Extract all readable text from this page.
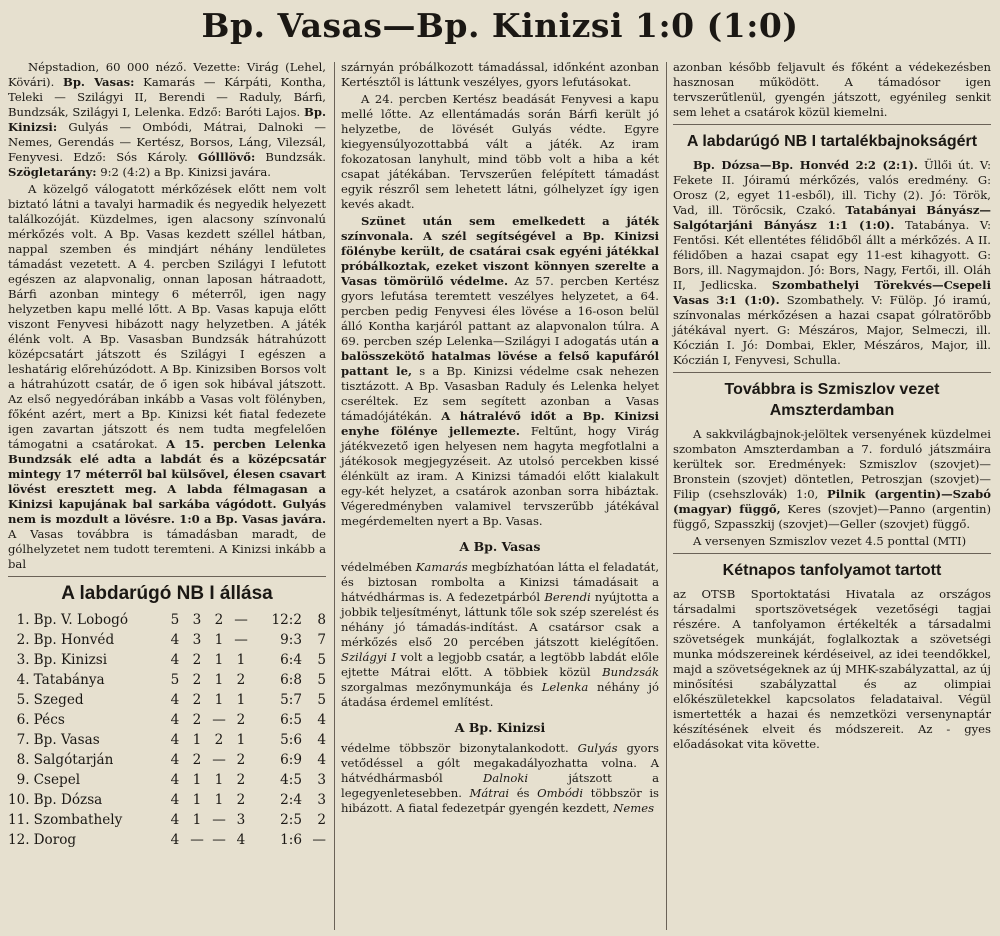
Bp. Vasas—Bp. Kinizsi 1:0 (1:0)

Népstadion, 60 000 néző. Vezette: Virág (Lehel, Kövári). Bp. Vasas: Kamarás — Kárpáti, Kontha, Teleki — Szilágyi II, Berendi — Raduly, Bárfi, Bundzsák, Szilágyi I, Lelenka. Edző: Baróti Lajos. Bp. Kinizsi: Gulyás — Ombódi, Mátrai, Dalnoki — Nemes, Gerendás — Kertész, Borsos, Láng, Vilezsál, Fenyvesi. Edző: Sós Károly. Gólllövő: Bundzsák. Szögletarány: 9:2 (4:2) a Bp. Kinizsi javára.

A közelgő válogatott mérkőzések előtt nem volt biztató látni a tavalyi harmadik és negyedik helyezett találkozóját. Küzdelmes, igen alacsony színvonalú mérkőzés volt. A Bp. Vasas kezdett széllel hátban, nappal szemben és mindjárt néhány lendületes támadást vezetett. A 4. percben Szilágyi I lefutott egészen az alapvonalig, onnan laposan hátraadott, Bárfi azonban mintegy 6 méterről, igen nagy helyzetben kapu mellé lőtt. A Bp. Vasas kapuja előtt viszont Fenyvesi hibázott nagy helyzetben. A játék élénk volt. A Bp. Vasasban Bundzsák hátrahúzott középcsatárt játszott és Szilágyi I egészen a leshatárig előrehúzódott. A Bp. Kinizsiben Borsos volt a hátrahúzott csatár, de ő igen sok hibával játszott. Az első negyedórában inkább a Vasas volt fölényben, főként azért, mert a Bp. Kinizsi két fiatal fedezete igen zavartan játszott és nem tudta megfelelően támogatni a csatárokat. A 15. percben Lelenka Bundzsák elé adta a labdát és a középcsatár mintegy 17 méterről bal külsővel, élesen csavart lövést eresztett meg. A labda félmagasan a Kinizsi kapujának bal sarkába vágódott. Gulyás nem is mozdult a lövésre. 1:0 a Bp. Vasas javára. A Vasas továbbra is támadásban maradt, de gólhelyzetet nem tudott teremteni. A Kinizsi inkább a bal

A labdarúgó NB I állása
1.	Bp. V. Lobogó	5	3	2	—	12:2	8
2.	Bp. Honvéd	4	3	1	—	9:3	7
3.	Bp. Kinizsi	4	2	1	1	6:4	5
4.	Tatabánya	5	2	1	2	6:8	5
5.	Szeged	4	2	1	1	5:7	5
6.	Pécs	4	2	—	2	6:5	4
7.	Bp. Vasas	4	1	2	1	5:6	4
8.	Salgótarján	4	2	—	2	6:9	4
9.	Csepel	4	1	1	2	4:5	3
10.	Bp. Dózsa	4	1	1	2	2:4	3
11.	Szombathely	4	1	—	3	2:5	2
12.	Dorog	4	—	—	4	1:6	—

szárnyán próbálkozott támadással, időnként azonban Kertésztől is láttunk veszélyes, gyors lefutásokat.

A 24. percben Kertész beadását Fenyvesi a kapu mellé lőtte. Az ellentámadás során Bárfi került jó helyzetbe, de lövését Gulyás védte. Egyre kiegyensúlyozottabbá vált a játék. Az iram fokozatosan lanyhult, mind több volt a hiba a két csapat játékában. Tervszerűen felépített támadást egyik részről sem lehetett látni, gólhelyzet így igen kevés akadt.

Szünet után sem emelkedett a játék színvonala. A szél segítségével a Bp. Kinizsi fölénybe került, de csatárai csak egyéni játékkal próbálkoztak, ezeket viszont könnyen szerelte a Vasas tömörülő védelme. Az 57. percben Kertész gyors lefutása teremtett veszélyes helyzetet, a 64. percben pedig Fenyvesi éles lövése a 16-oson belül álló Kontha karjáról pattant az alapvonalon túlra. A 69. percben szép Lelenka—Szilágyi I adogatás után a balösszekötő hatalmas lövése a felső kapufáról pattant le, s a Bp. Kinizsi védelme csak nehezen tisztázott. A Bp. Vasasban Raduly és Lelenka helyet cseréltek. Ez sem segített azonban a Vasas támadójátékán. A hátralévő időt a Bp. Kinizsi enyhe fölénye jellemezte. Feltűnt, hogy Virág játékvezető igen helyesen nem hagyta megfotlalni a játékosok megjegyzéseit. Az utolsó percekben kissé élénkült az iram. A Kinizsi támadói előtt kialakult egy-két helyzet, a csatárok azonban sorra hibáztak. Végeredményben valamivel tervszerűbb játékával megérdemelten nyert a Bp. Vasas.

A Bp. Vasas

védelmében Kamarás megbízhatóan látta el feladatát, és biztosan rombolta a Kinizsi támadásait a hátvédhármas is. A fedezetpárból Berendi nyújtotta a jobbik teljesítményt, láttunk tőle sok szép szerelést és néhány jó támadás-indítást. A csatársor csak a mérkőzés első 20 percében játszott kielégítően. Szilágyi I volt a legjobb csatár, a legtöbb labdát előle ejtette Mátrai előtt. A többiek közül Bundzsák szorgalmas mezőnymunkája és Lelenka néhány jó átadása érdemel említést.

A Bp. Kinizsi

védelme többször bizonytalankodott. Gulyás gyors vetődéssel a gólt megakadályozhatta volna. A hátvédhármasból Dalnoki játszott a legegyenletesebben. Mátrai és Ombódi többször is hibázott. A fiatal fedezetpár gyengén kezdett, Nemes

azonban később feljavult és főként a védekezésben hasznosan működött. A támadósor igen tervszerűtlenül, gyengén játszott, egyénileg senkit sem lehet a csatárok közül kiemelni.

A labdarúgó NB I tartalékbajnokságért

Bp. Dózsa—Bp. Honvéd 2:2 (2:1). Üllői út. V: Fekete II. Jóiramú mérkőzés, valós eredmény. G: Orosz (2, egyet 11-esből), ill. Tichy (2). Jó: Török, Vad, ill. Törőcsik, Czakó. Tatabányai Bányász—Salgótarjáni Bányász 1:1 (1:0). Tatabánya. V: Fentősi. Két ellentétes félidőből állt a mérkőzés. A II. félidőben a hazai csapat egy 11-est kihagyott. G: Bors, ill. Nagymajdon. Jó: Bors, Nagy, Fertői, ill. Oláh II, Jedlicska. Szombathelyi Törekvés—Csepeli Vasas 3:1 (1:0). Szombathely. V: Fülöp. Jó iramú, színvonalas mérkőzésen a hazai csapat gólratörőbb játékával nyert. G: Mészáros, Major, Selmeczi, ill. Kóczián I. Jó: Dombai, Ekler, Mészáros, Major, ill. Kóczián I, Fenyvesi, Schulla.

Továbbra is Szmiszlov vezet Amszterdamban

A sakkvilágbajnok-jelöltek versenyének küzdelmei szombaton Amszterdamban a 7. forduló játszmáira kerültek sor. Eredmények: Szmiszlov (szovjet)—Bronstein (szovjet) döntetlen, Petroszjan (szovjet)—Filip (csehszlovák) 1:0, Pilnik (argentin)—Szabó (magyar) függő, Keres (szovjet)—Panno (argentin) függő, Szpasszkij (szovjet)—Geller (szovjet) függő.

A versenyen Szmiszlov vezet 4.5 ponttal (MTI)

Kétnapos tanfolyamot tartott

az OTSB Sportoktatási Hivatala az országos társadalmi sportszövetségek vezetőségi tagjai részére. A tanfolyamon értékelték a társadalmi szövetségek munkáját, foglalkoztak a szövetségi munka módszereinek kérdéseivel, az idei teendőkkel, majd a szövetségeknek az új MHK-szabályzattal, az új minősítési szabályzattal és az olimpiai előkészületekkel kapcsolatos feladataival. Végül ismertették a hazai és nemzetközi versenynaptár készítésének elveit és módszereit. Az ‐ gyes előadásokat vita követte.
